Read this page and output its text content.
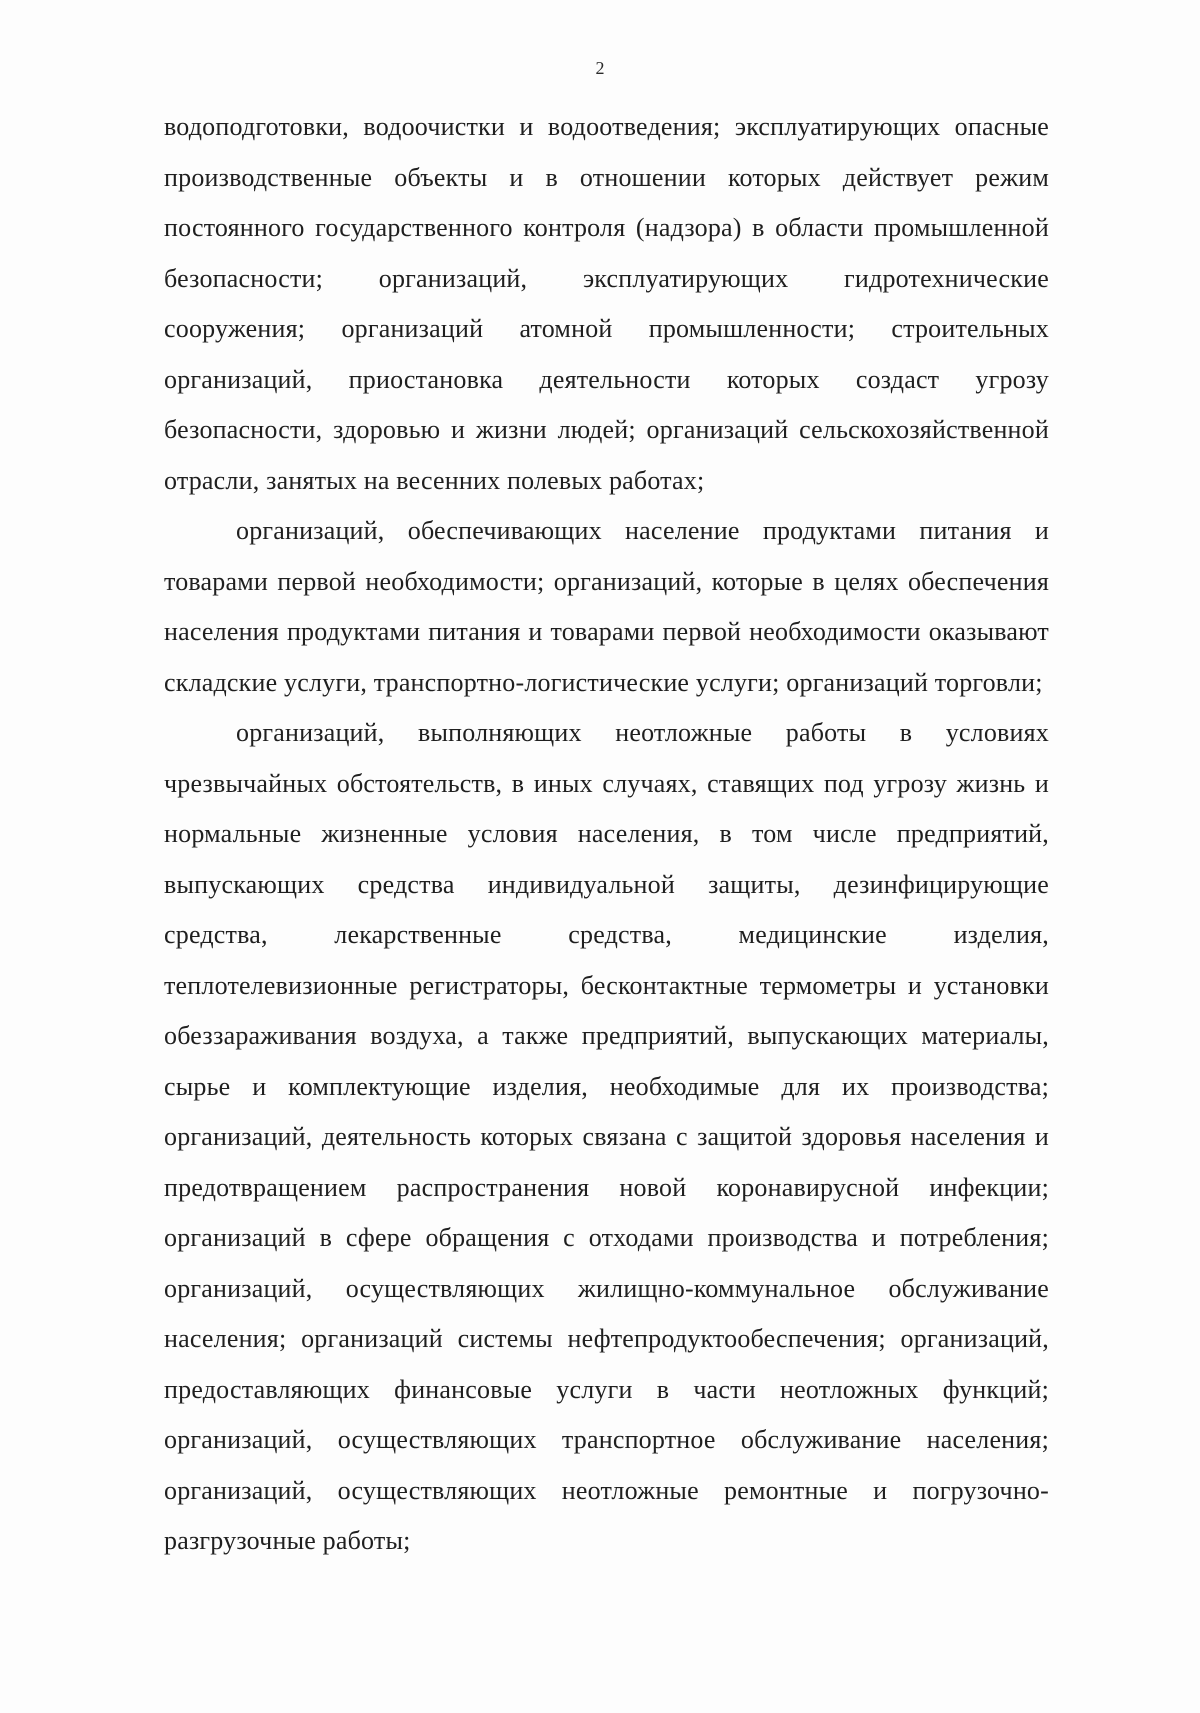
2

водоподготовки, водоочистки и водоотведения; эксплуатирующих опасные производственные объекты и в отношении которых действует режим постоянного государственного контроля (надзора) в области промышленной безопасности; организаций, эксплуатирующих гидротехнические сооружения; организаций атомной промышленности; строительных организаций, приостановка деятельности которых создаст угрозу безопасности, здоровью и жизни людей; организаций сельскохозяйственной отрасли, занятых на весенних полевых работах;

организаций, обеспечивающих население продуктами питания и товарами первой необходимости; организаций, которые в целях обеспечения населения продуктами питания и товарами первой необходимости оказывают складские услуги, транспортно-логистические услуги; организаций торговли;

организаций, выполняющих неотложные работы в условиях чрезвычайных обстоятельств, в иных случаях, ставящих под угрозу жизнь и нормальные жизненные условия населения, в том числе предприятий, выпускающих средства индивидуальной защиты, дезинфицирующие средства, лекарственные средства, медицинские изделия, теплотелевизионные регистраторы, бесконтактные термометры и установки обеззараживания воздуха, а также предприятий, выпускающих материалы, сырье и комплектующие изделия, необходимые для их производства; организаций, деятельность которых связана с защитой здоровья населения и предотвращением распространения новой коронавирусной инфекции; организаций в сфере обращения с отходами производства и потребления; организаций, осуществляющих жилищно-коммунальное обслуживание населения; организаций системы нефтепродуктообеспечения; организаций, предоставляющих финансовые услуги в части неотложных функций; организаций, осуществляющих транспортное обслуживание населения; организаций, осуществляющих неотложные ремонтные и погрузочно-разгрузочные работы;
